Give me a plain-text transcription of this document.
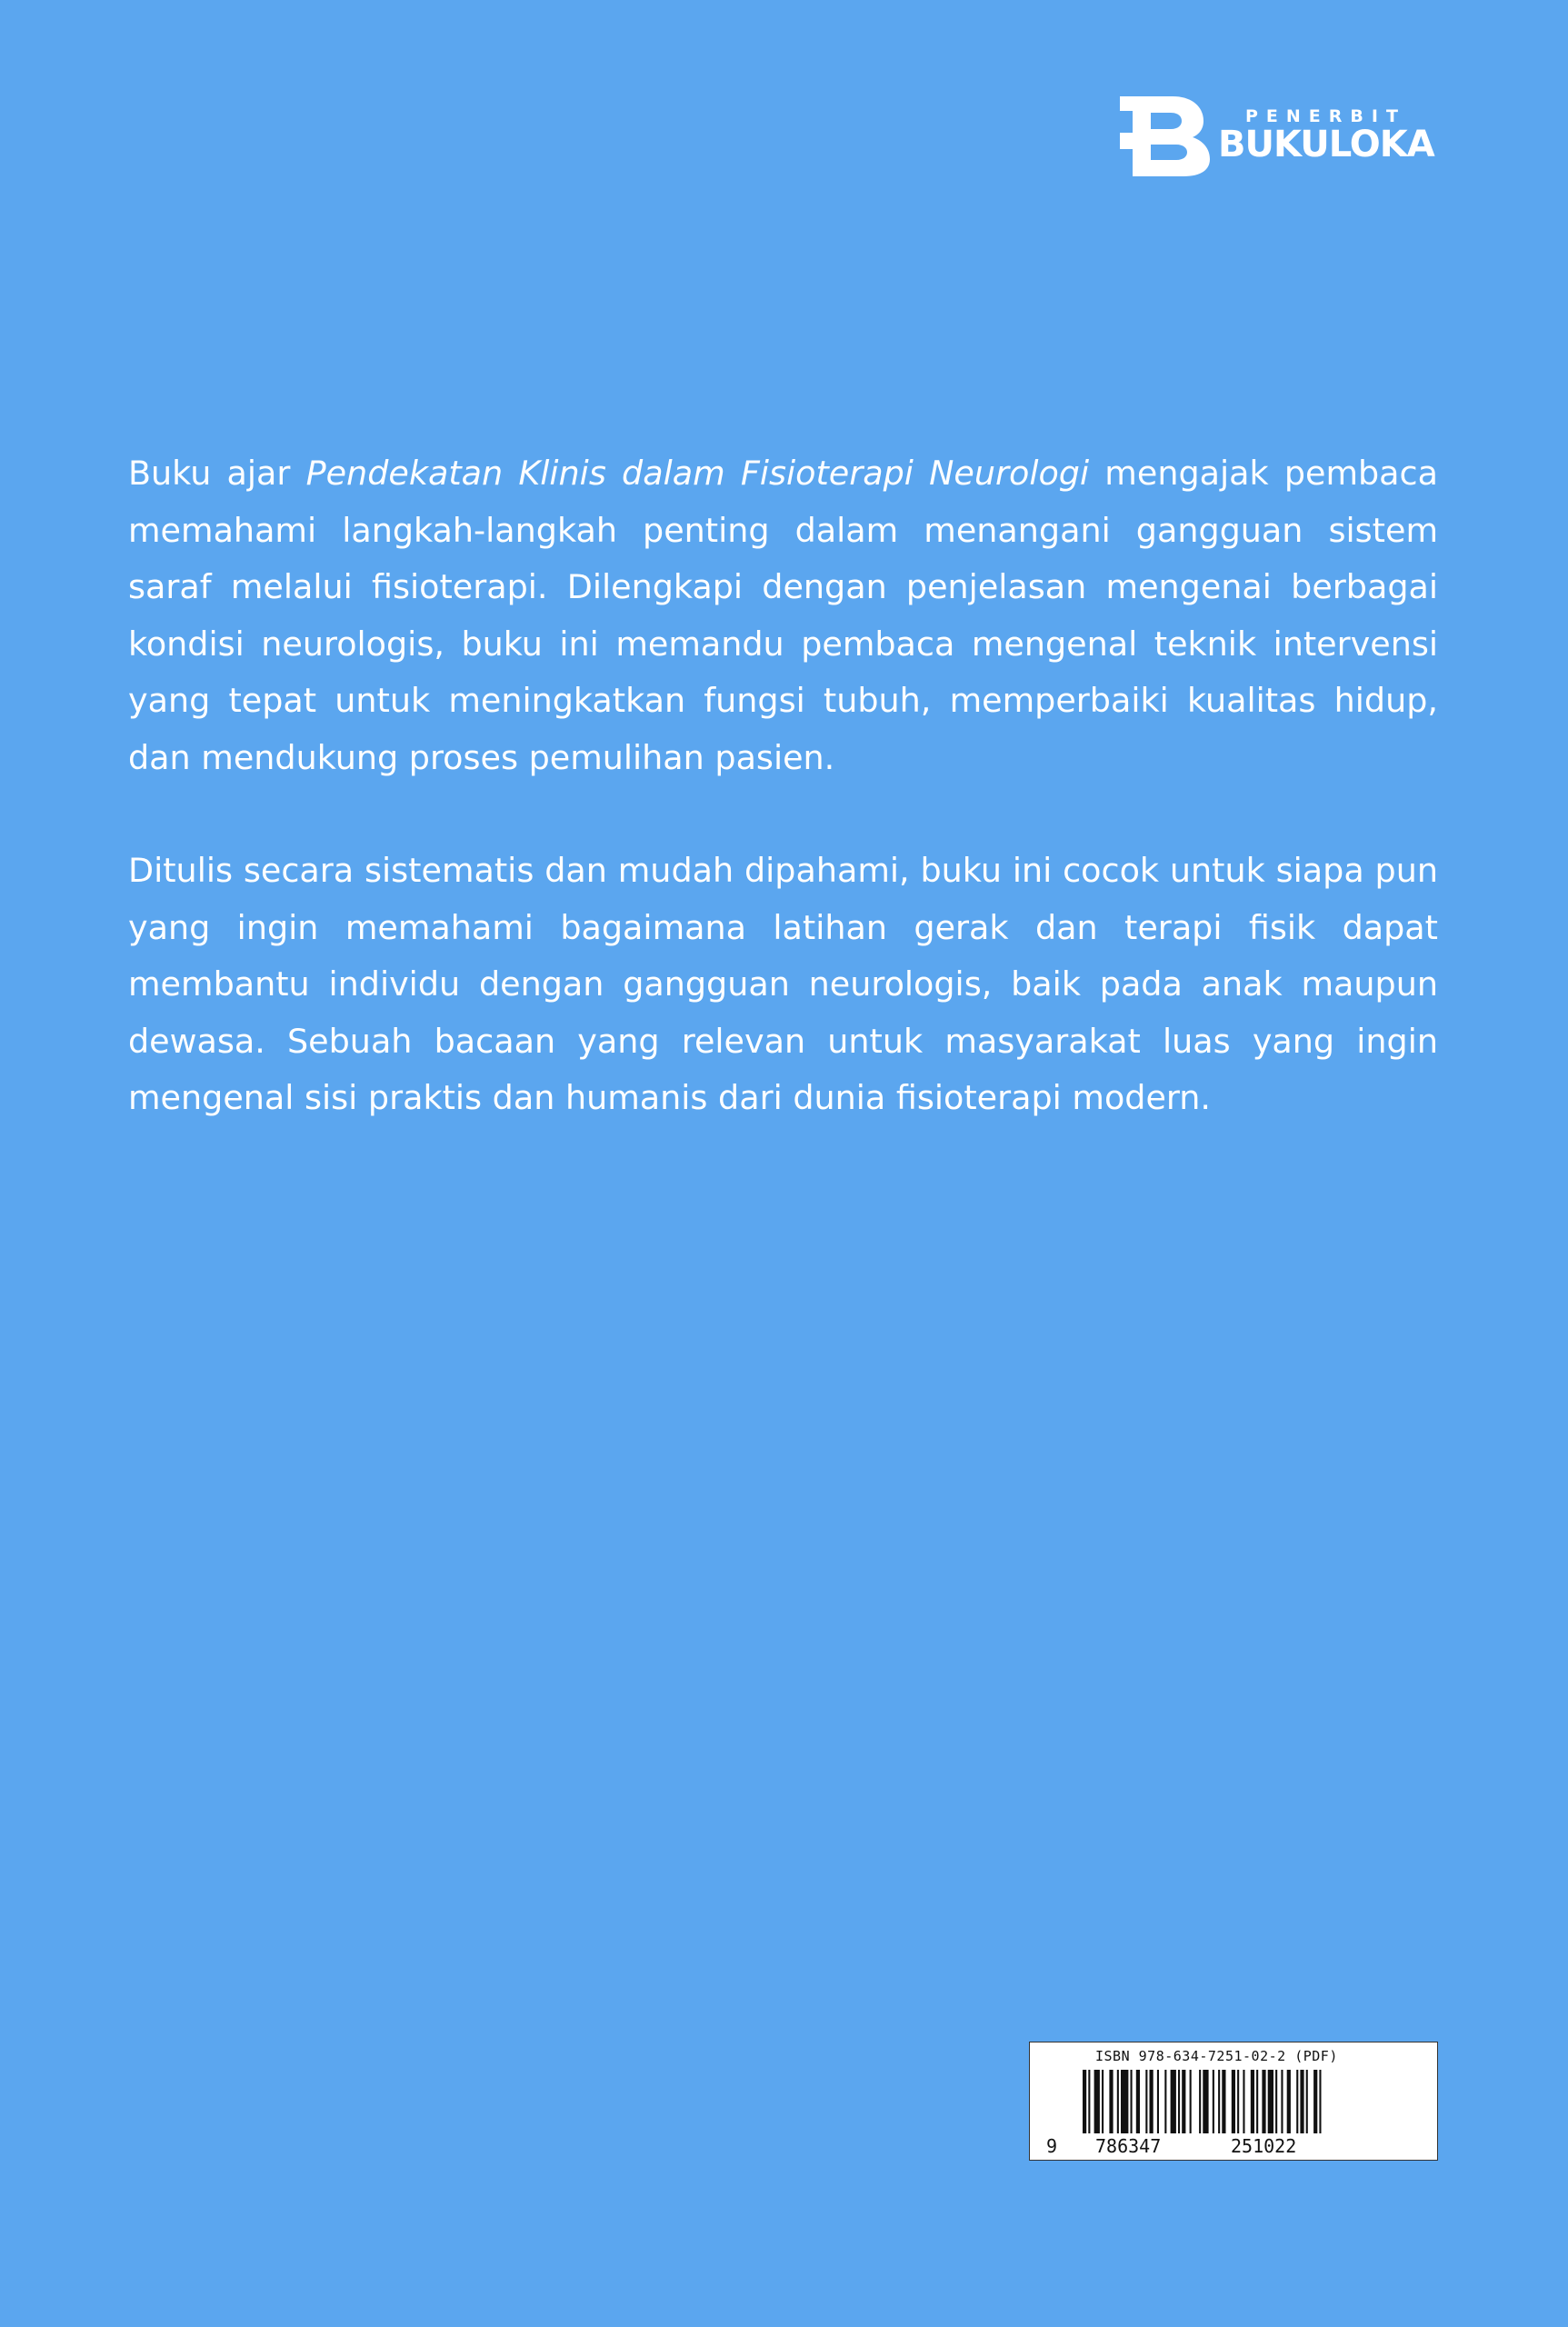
PENERBIT
BUKULOKA

Buku ajar Pendekatan Klinis dalam Fisioterapi Neurologi mengajak pembaca memahami langkah-langkah penting dalam menangani gangguan sistem saraf melalui fisioterapi. Dilengkapi dengan penjelasan mengenai berbagai kondisi neurologis, buku ini memandu pembaca mengenal teknik intervensi yang tepat untuk meningkatkan fungsi tubuh, memperbaiki kualitas hidup, dan mendukung proses pemulihan pasien.

Ditulis secara sistematis dan mudah dipahami, buku ini cocok untuk siapa pun yang ingin memahami bagaimana latihan gerak dan terapi fisik dapat membantu individu dengan gangguan neurologis, baik pada anak maupun dewasa. Sebuah bacaan yang relevan untuk masyarakat luas yang ingin mengenal sisi praktis dan humanis dari dunia fisioterapi modern.

ISBN 978-634-7251-02-2 (PDF)
9 786347	251022
